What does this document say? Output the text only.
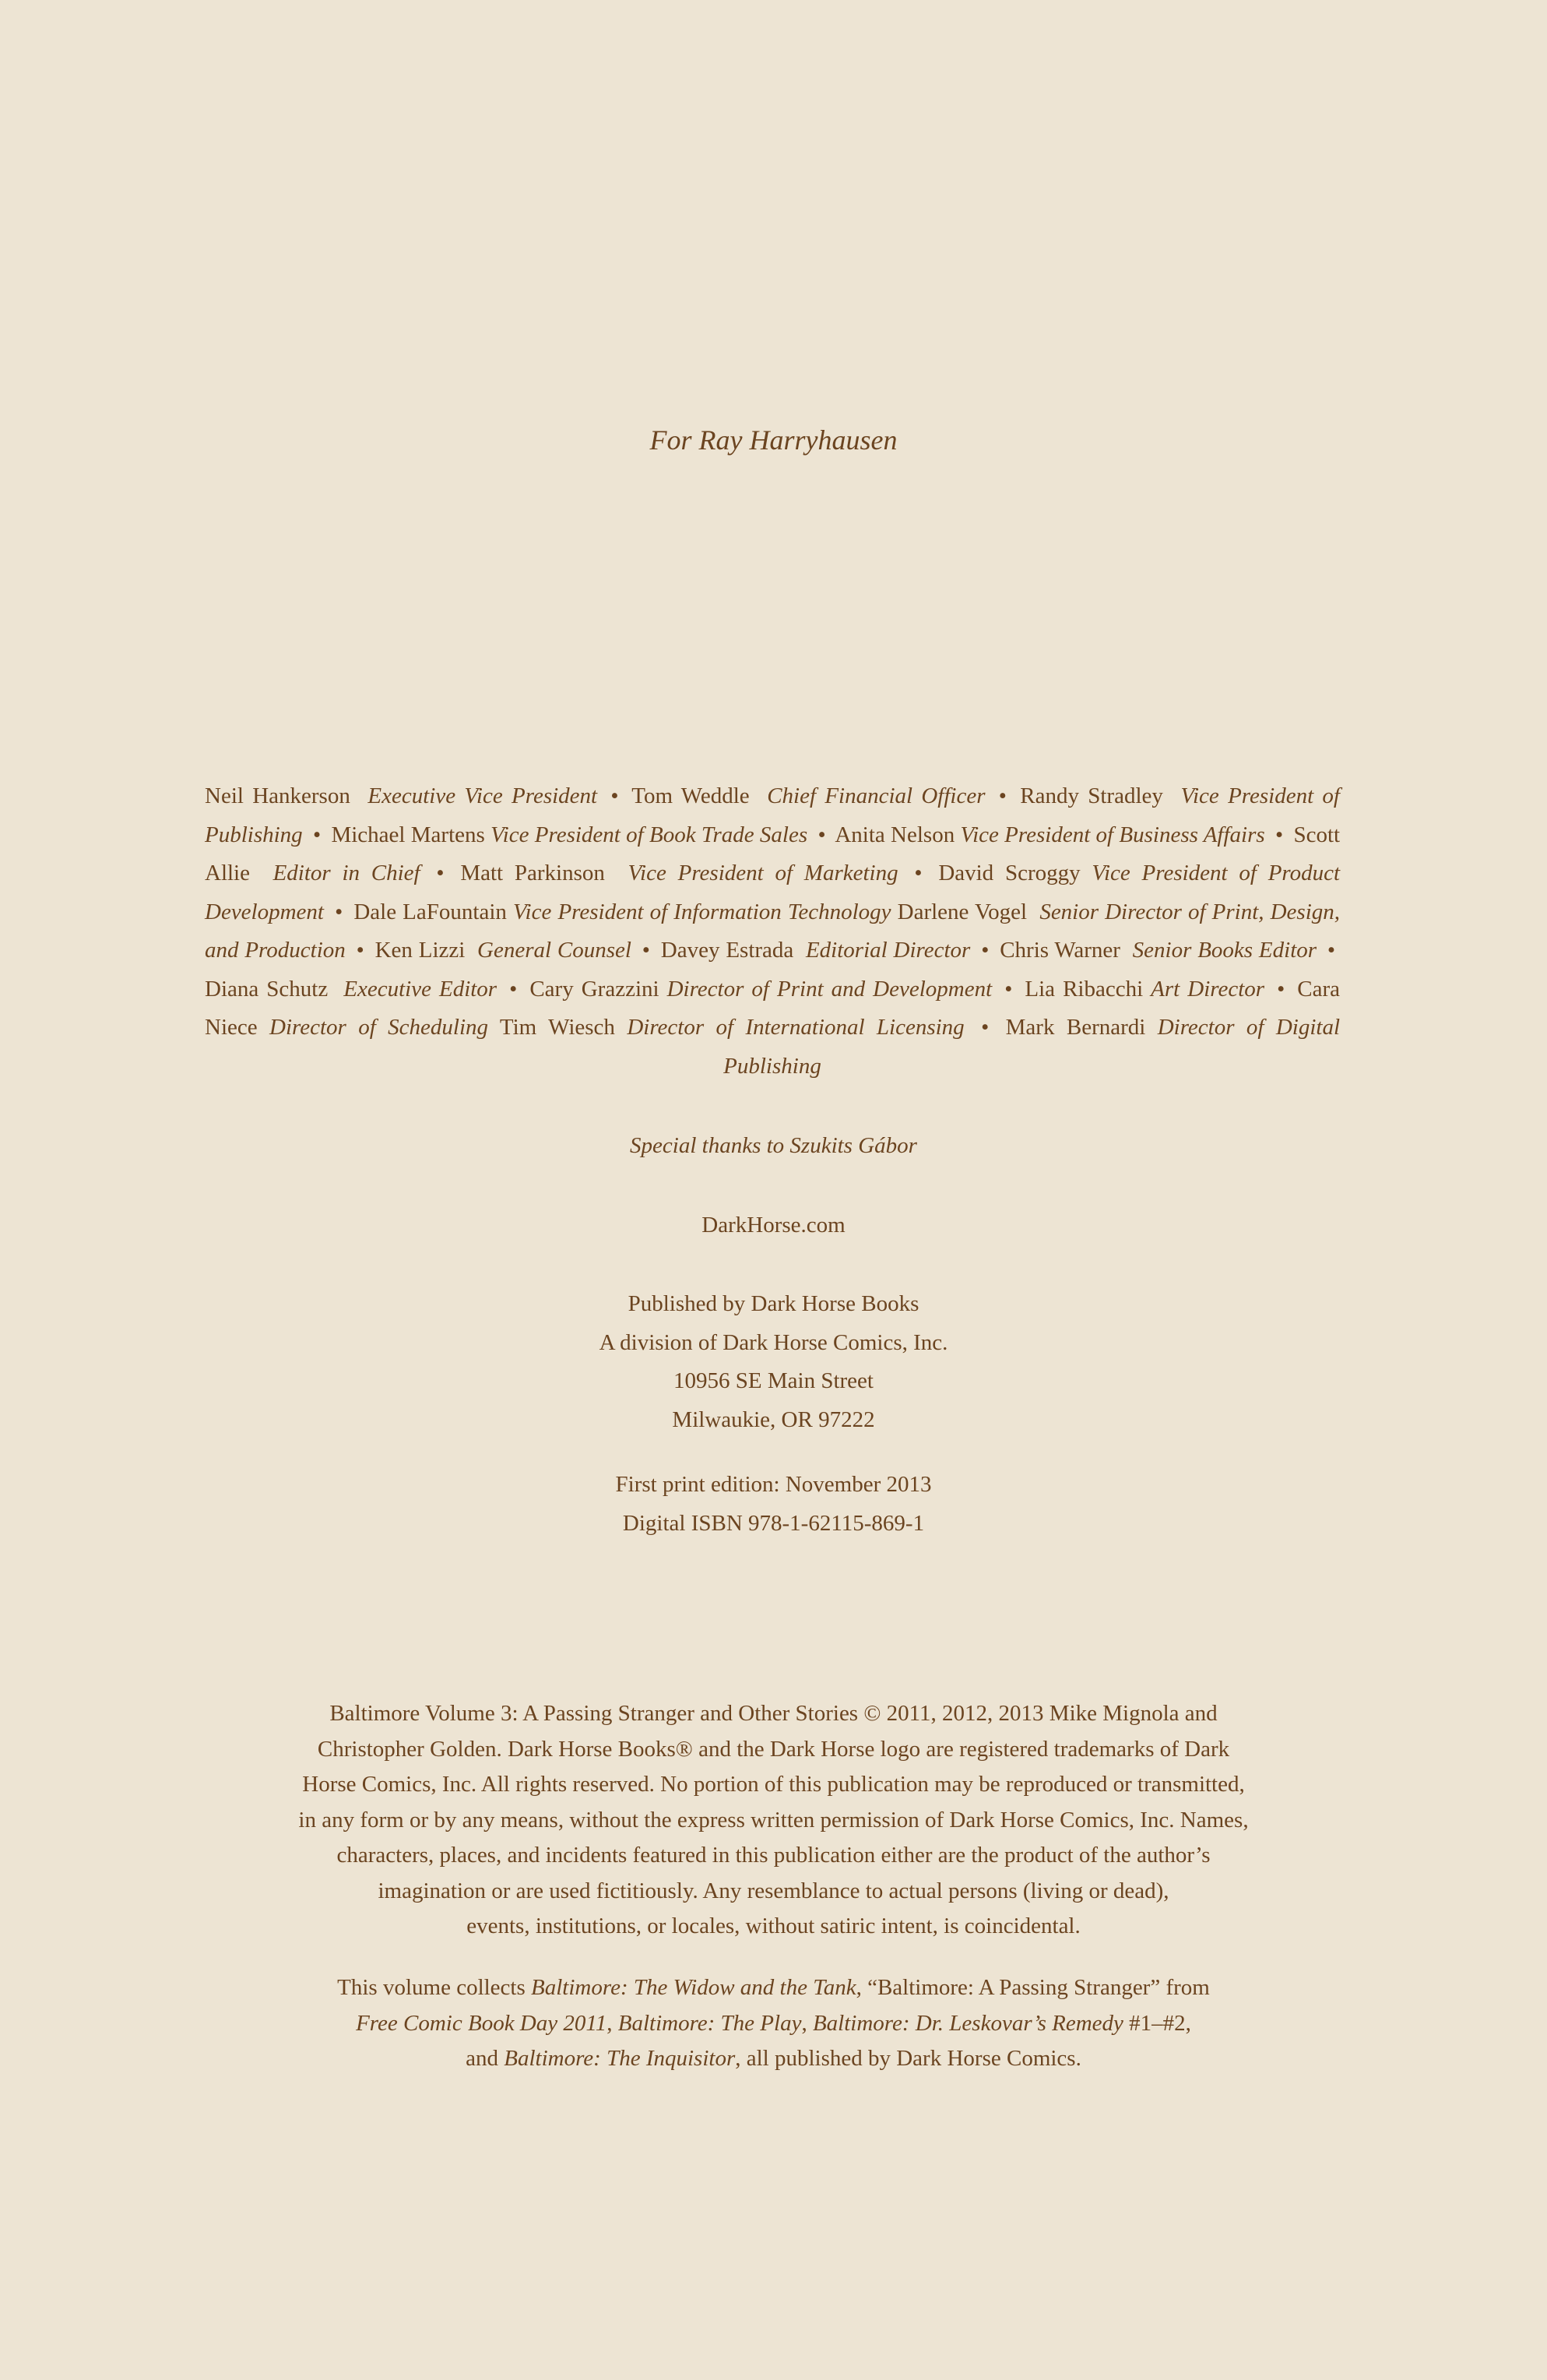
For Ray Harryhausen
Neil Hankerson Executive Vice President • Tom Weddle Chief Financial Officer • Randy Stradley Vice President of Publishing • Michael Martens Vice President of Book Trade Sales • Anita Nelson Vice President of Business Affairs • Scott Allie Editor in Chief • Matt Parkinson Vice President of Marketing • David Scroggy Vice President of Product Development • Dale LaFountain Vice President of Information Technology Darlene Vogel Senior Director of Print, Design, and Production • Ken Lizzi General Counsel • Davey Estrada Editorial Director • Chris Warner Senior Books Editor • Diana Schutz Executive Editor • Cary Grazzini Director of Print and Development • Lia Ribacchi Art Director • Cara Niece Director of Scheduling Tim Wiesch Director of International Licensing • Mark Bernardi Director of Digital Publishing

Special thanks to Szukits Gábor

DarkHorse.com

Published by Dark Horse Books

A division of Dark Horse Comics, Inc.

10956 SE Main Street

Milwaukie, OR 97222

First print edition: November 2013

Digital ISBN 978-1-62115-869-1

Baltimore Volume 3: A Passing Stranger and Other Stories © 2011, 2012, 2013 Mike Mignola and

Christopher Golden. Dark Horse Books® and the Dark Horse logo are registered trademarks of Dark

Horse Comics, Inc. All rights reserved. No portion of this publication may be reproduced or transmitted,

in any form or by any means, without the express written permission of Dark Horse Comics, Inc. Names,

characters, places, and incidents featured in this publication either are the product of the author’s

imagination or are used fictitiously. Any resemblance to actual persons (living or dead),

events, institutions, or locales, without satiric intent, is coincidental.

This volume collects Baltimore: The Widow and the Tank, “Baltimore: A Passing Stranger” from

Free Comic Book Day 2011, Baltimore: The Play, Baltimore: Dr. Leskovar’s Remedy #1–#2,

and Baltimore: The Inquisitor, all published by Dark Horse Comics.
